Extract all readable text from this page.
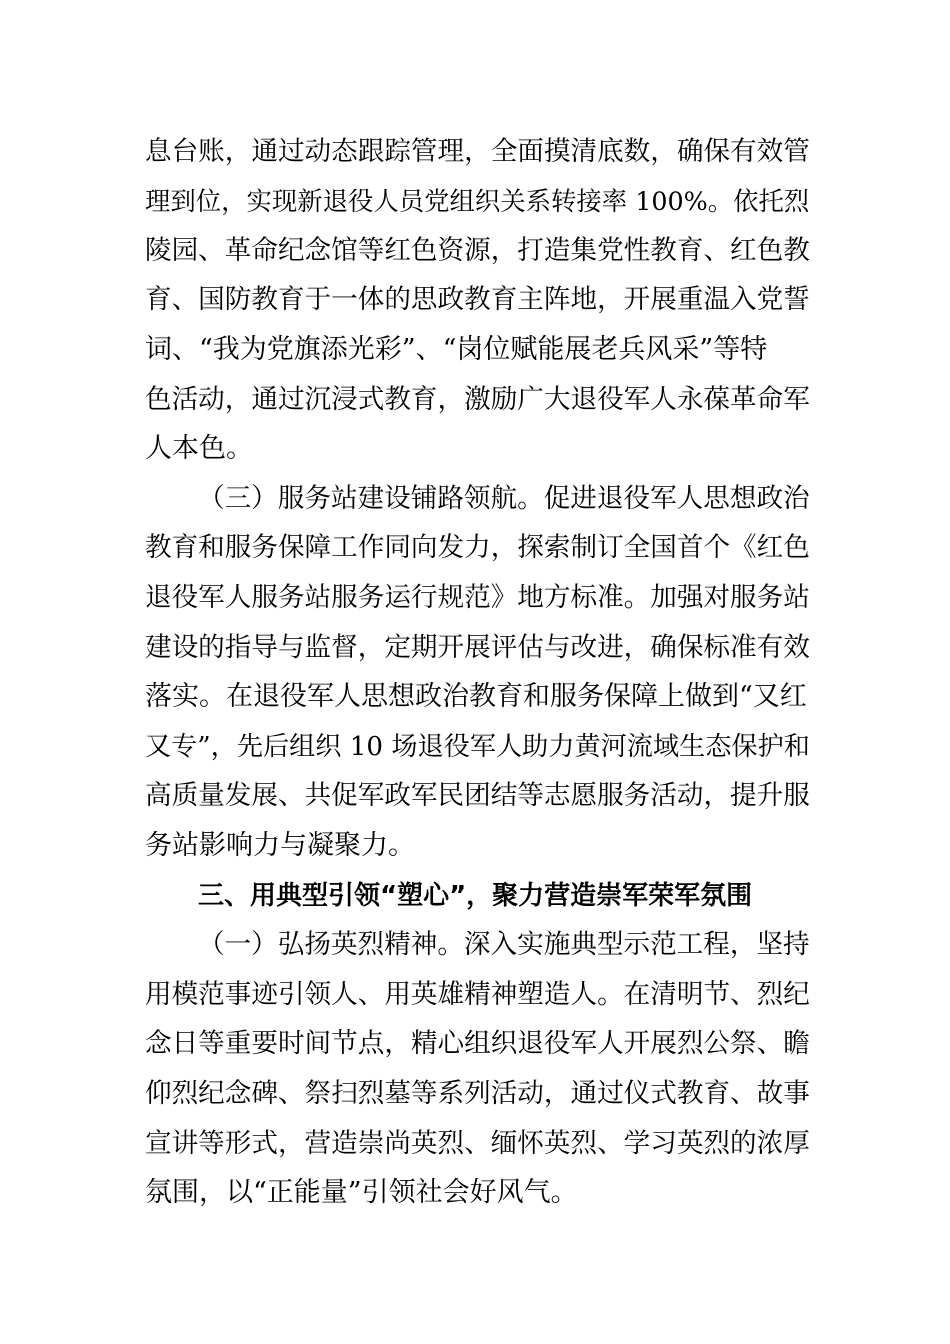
息台账，通过动态跟踪管理，全面摸清底数，确保有效管
理到位，实现新退役人员党组织关系转接率 100%。依托烈
陵园、革命纪念馆等红色资源，打造集党性教育、红色教
育、国防教育于一体的思政教育主阵地，开展重温入党誓
词、“我为党旗添光彩”、“岗位赋能展老兵风采”等特
色活动，通过沉浸式教育，激励广大退役军人永葆革命军
人本色。
（三）服务站建设铺路领航。促进退役军人思想政治
教育和服务保障工作同向发力，探索制订全国首个《红色
退役军人服务站服务运行规范》地方标准。加强对服务站
建设的指导与监督，定期开展评估与改进，确保标准有效
落实。在退役军人思想政治教育和服务保障上做到“又红
又专”，先后组织 10 场退役军人助力黄河流域生态保护和
高质量发展、共促军政军民团结等志愿服务活动，提升服
务站影响力与凝聚力。
三、用典型引领“塑心”，聚力营造崇军荣军氛围
（一）弘扬英烈精神。深入实施典型示范工程，坚持
用模范事迹引领人、用英雄精神塑造人。在清明节、烈纪
念日等重要时间节点，精心组织退役军人开展烈公祭、瞻
仰烈纪念碑、祭扫烈墓等系列活动，通过仪式教育、故事
宣讲等形式，营造崇尚英烈、缅怀英烈、学习英烈的浓厚
氛围，以“正能量”引领社会好风气。
